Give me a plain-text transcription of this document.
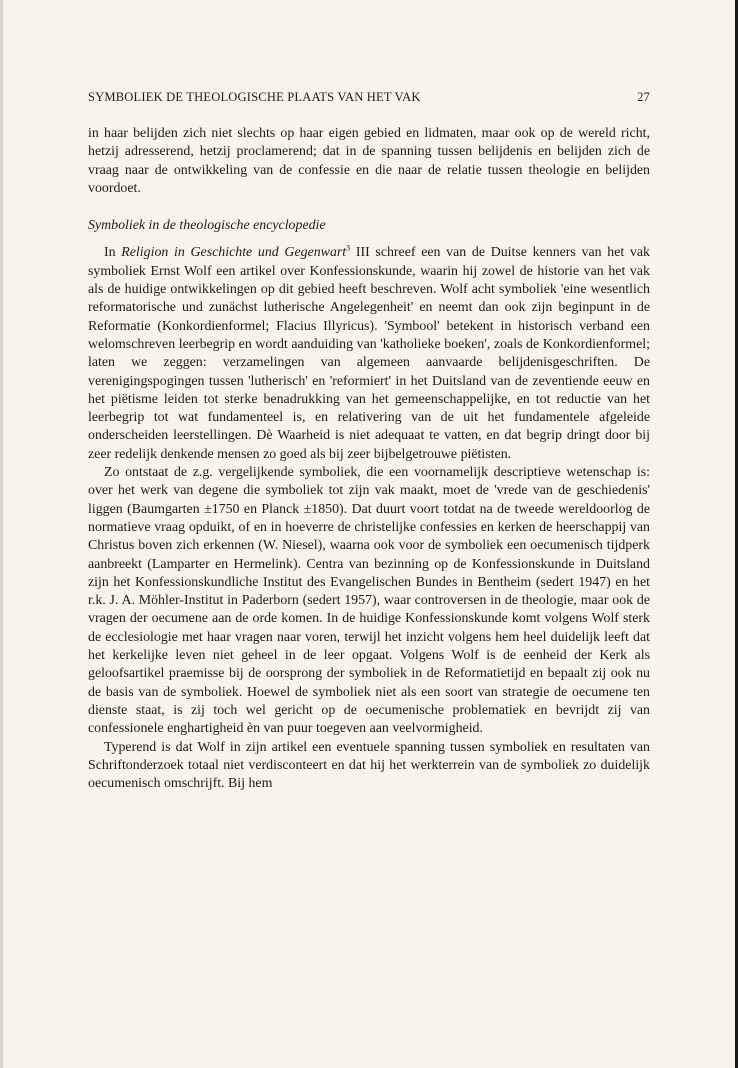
SYMBOLIEK DE THEOLOGISCHE PLAATS VAN HET VAK	27

in haar belijden zich niet slechts op haar eigen gebied en lidmaten, maar ook op de wereld richt, hetzij adresserend, hetzij proclamerend; dat in de spanning tussen belijdenis en belijden zich de vraag naar de ontwikkeling van de confessie en die naar de relatie tussen theologie en belijden voordoet.

Symboliek in de theologische encyclopedie

In Religion in Geschichte und Gegenwart$^3$ III schreef een van de Duitse kenners van het vak symboliek Ernst Wolf een artikel over Konfessionskunde, waarin hij zowel de historie van het vak als de huidige ontwikkelingen op dit gebied heeft beschreven. Wolf acht symboliek 'eine wesentlich reformatorische und zunächst lutherische Angelegenheit' en neemt dan ook zijn beginpunt in de Reformatie (Konkordienformel; Flacius Illyricus). 'Symbool' betekent in historisch verband een welomschreven leerbegrip en wordt aanduiding van 'katholieke boeken', zoals de Konkordienformel; laten we zeggen: verzamelingen van algemeen aanvaarde belijdenisgeschriften. De verenigingspogingen tussen 'lutherisch' en 'reformiert' in het Duitsland van de zeventiende eeuw en het piëtisme leiden tot sterke benadrukking van het gemeenschappelijke, en tot reductie van het leerbegrip tot wat fundamenteel is, en relativering van de uit het fundamentele afgeleide onderscheiden leerstellingen. Dè Waarheid is niet adequaat te vatten, en dat begrip dringt door bij zeer redelijk denkende mensen zo goed als bij zeer bijbelgetrouwe piëtisten.

Zo ontstaat de z.g. vergelijkende symboliek, die een voornamelijk descriptieve wetenschap is: over het werk van degene die symboliek tot zijn vak maakt, moet de 'vrede van de geschiedenis' liggen (Baumgarten ±1750 en Planck ±1850). Dat duurt voort totdat na de tweede wereldoorlog de normatieve vraag opduikt, of en in hoeverre de christelijke confessies en kerken de heerschappij van Christus boven zich erkennen (W. Niesel), waarna ook voor de symboliek een oecumenisch tijdperk aanbreekt (Lamparter en Hermelink). Centra van bezinning op de Konfessionskunde in Duitsland zijn het Konfessionskundliche Institut des Evangelischen Bundes in Bentheim (sedert 1947) en het r.k. J. A. Möhler-Institut in Paderborn (sedert 1957), waar controversen in de theologie, maar ook de vragen der oecumene aan de orde komen. In de huidige Konfessionskunde komt volgens Wolf sterk de ecclesiologie met haar vragen naar voren, terwijl het inzicht volgens hem heel duidelijk leeft dat het kerkelijke leven niet geheel in de leer opgaat. Volgens Wolf is de eenheid der Kerk als geloofsartikel praemisse bij de oorsprong der symboliek in de Reformatietijd en bepaalt zij ook nu de basis van de symboliek. Hoewel de symboliek niet als een soort van strategie de oecumene ten dienste staat, is zij toch wel gericht op de oecumenische problematiek en bevrijdt zij van confessionele enghartigheid èn van puur toegeven aan veelvormigheid.

Typerend is dat Wolf in zijn artikel een eventuele spanning tussen symboliek en resultaten van Schriftonderzoek totaal niet verdisconteert en dat hij het werkterrein van de symboliek zo duidelijk oecumenisch omschrijft. Bij hem
